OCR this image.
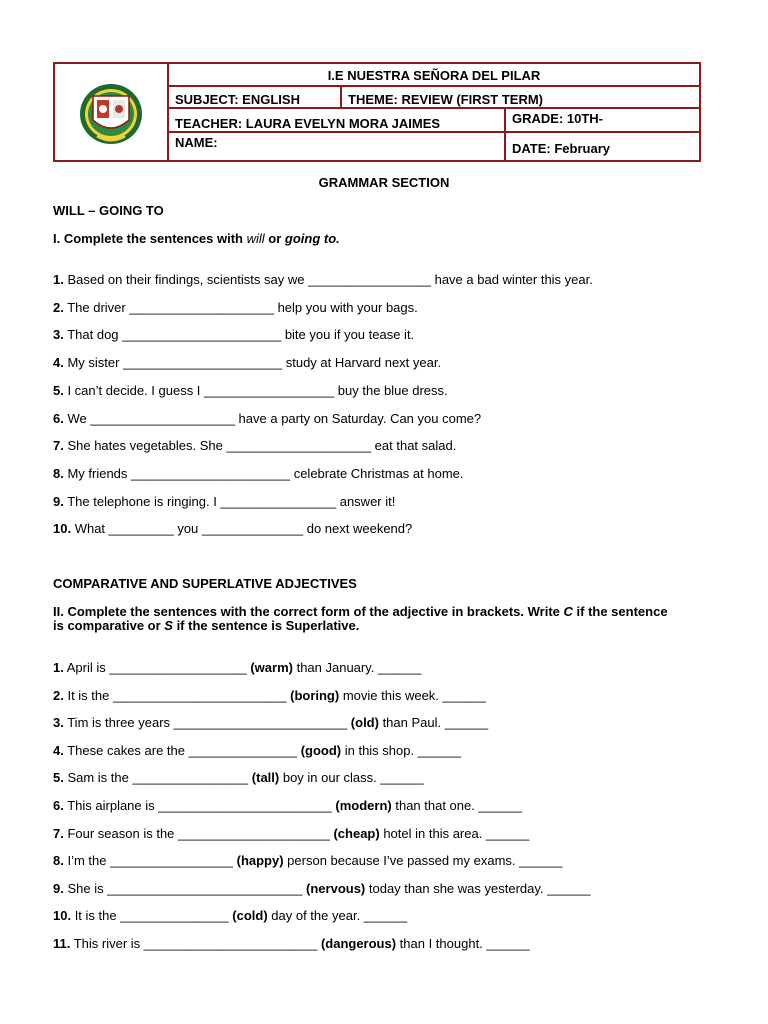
I.E NUESTRA SEÑORA DEL PILAR
SUBJECT: ENGLISH	THEME: REVIEW (FIRST TERM)
TEACHER: LAURA EVELYN MORA JAIMES	GRADE: 10TH-
NAME:	DATE: February
GRAMMAR SECTION
WILL – GOING TO
I. Complete the sentences with will or going to.
1. Based on their findings, scientists say we _________________ have a bad winter this year.
2. The driver ____________________ help you with your bags.
3. That dog ______________________ bite you if you tease it.
4. My sister ______________________ study at Harvard next year.
5. I can’t decide. I guess I __________________ buy the blue dress.
6. We ____________________ have a party on Saturday. Can you come?
7. She hates vegetables. She ____________________ eat that salad.
8. My friends ______________________ celebrate Christmas at home.
9. The telephone is ringing. I ________________ answer it!
10. What _________ you ______________ do next weekend?
COMPARATIVE AND SUPERLATIVE ADJECTIVES
II. Complete the sentences with the correct form of the adjective in brackets. Write C if the sentence
is comparative or S if the sentence is Superlative.
1. April is ___________________ (warm) than January. ______
2. It is the ________________________ (boring) movie this week. ______
3. Tim is three years ________________________ (old) than Paul. ______
4. These cakes are the _______________ (good) in this shop. ______
5. Sam is the ________________ (tall) boy in our class. ______
6. This airplane is ________________________ (modern) than that one. ______
7. Four season is the _____________________ (cheap) hotel in this area. ______
8. I’m the _________________ (happy) person because I’ve passed my exams. ______
9. She is ___________________________ (nervous) today than she was yesterday. ______
10. It is the _______________ (cold) day of the year. ______
11. This river is ________________________ (dangerous) than I thought. ______
